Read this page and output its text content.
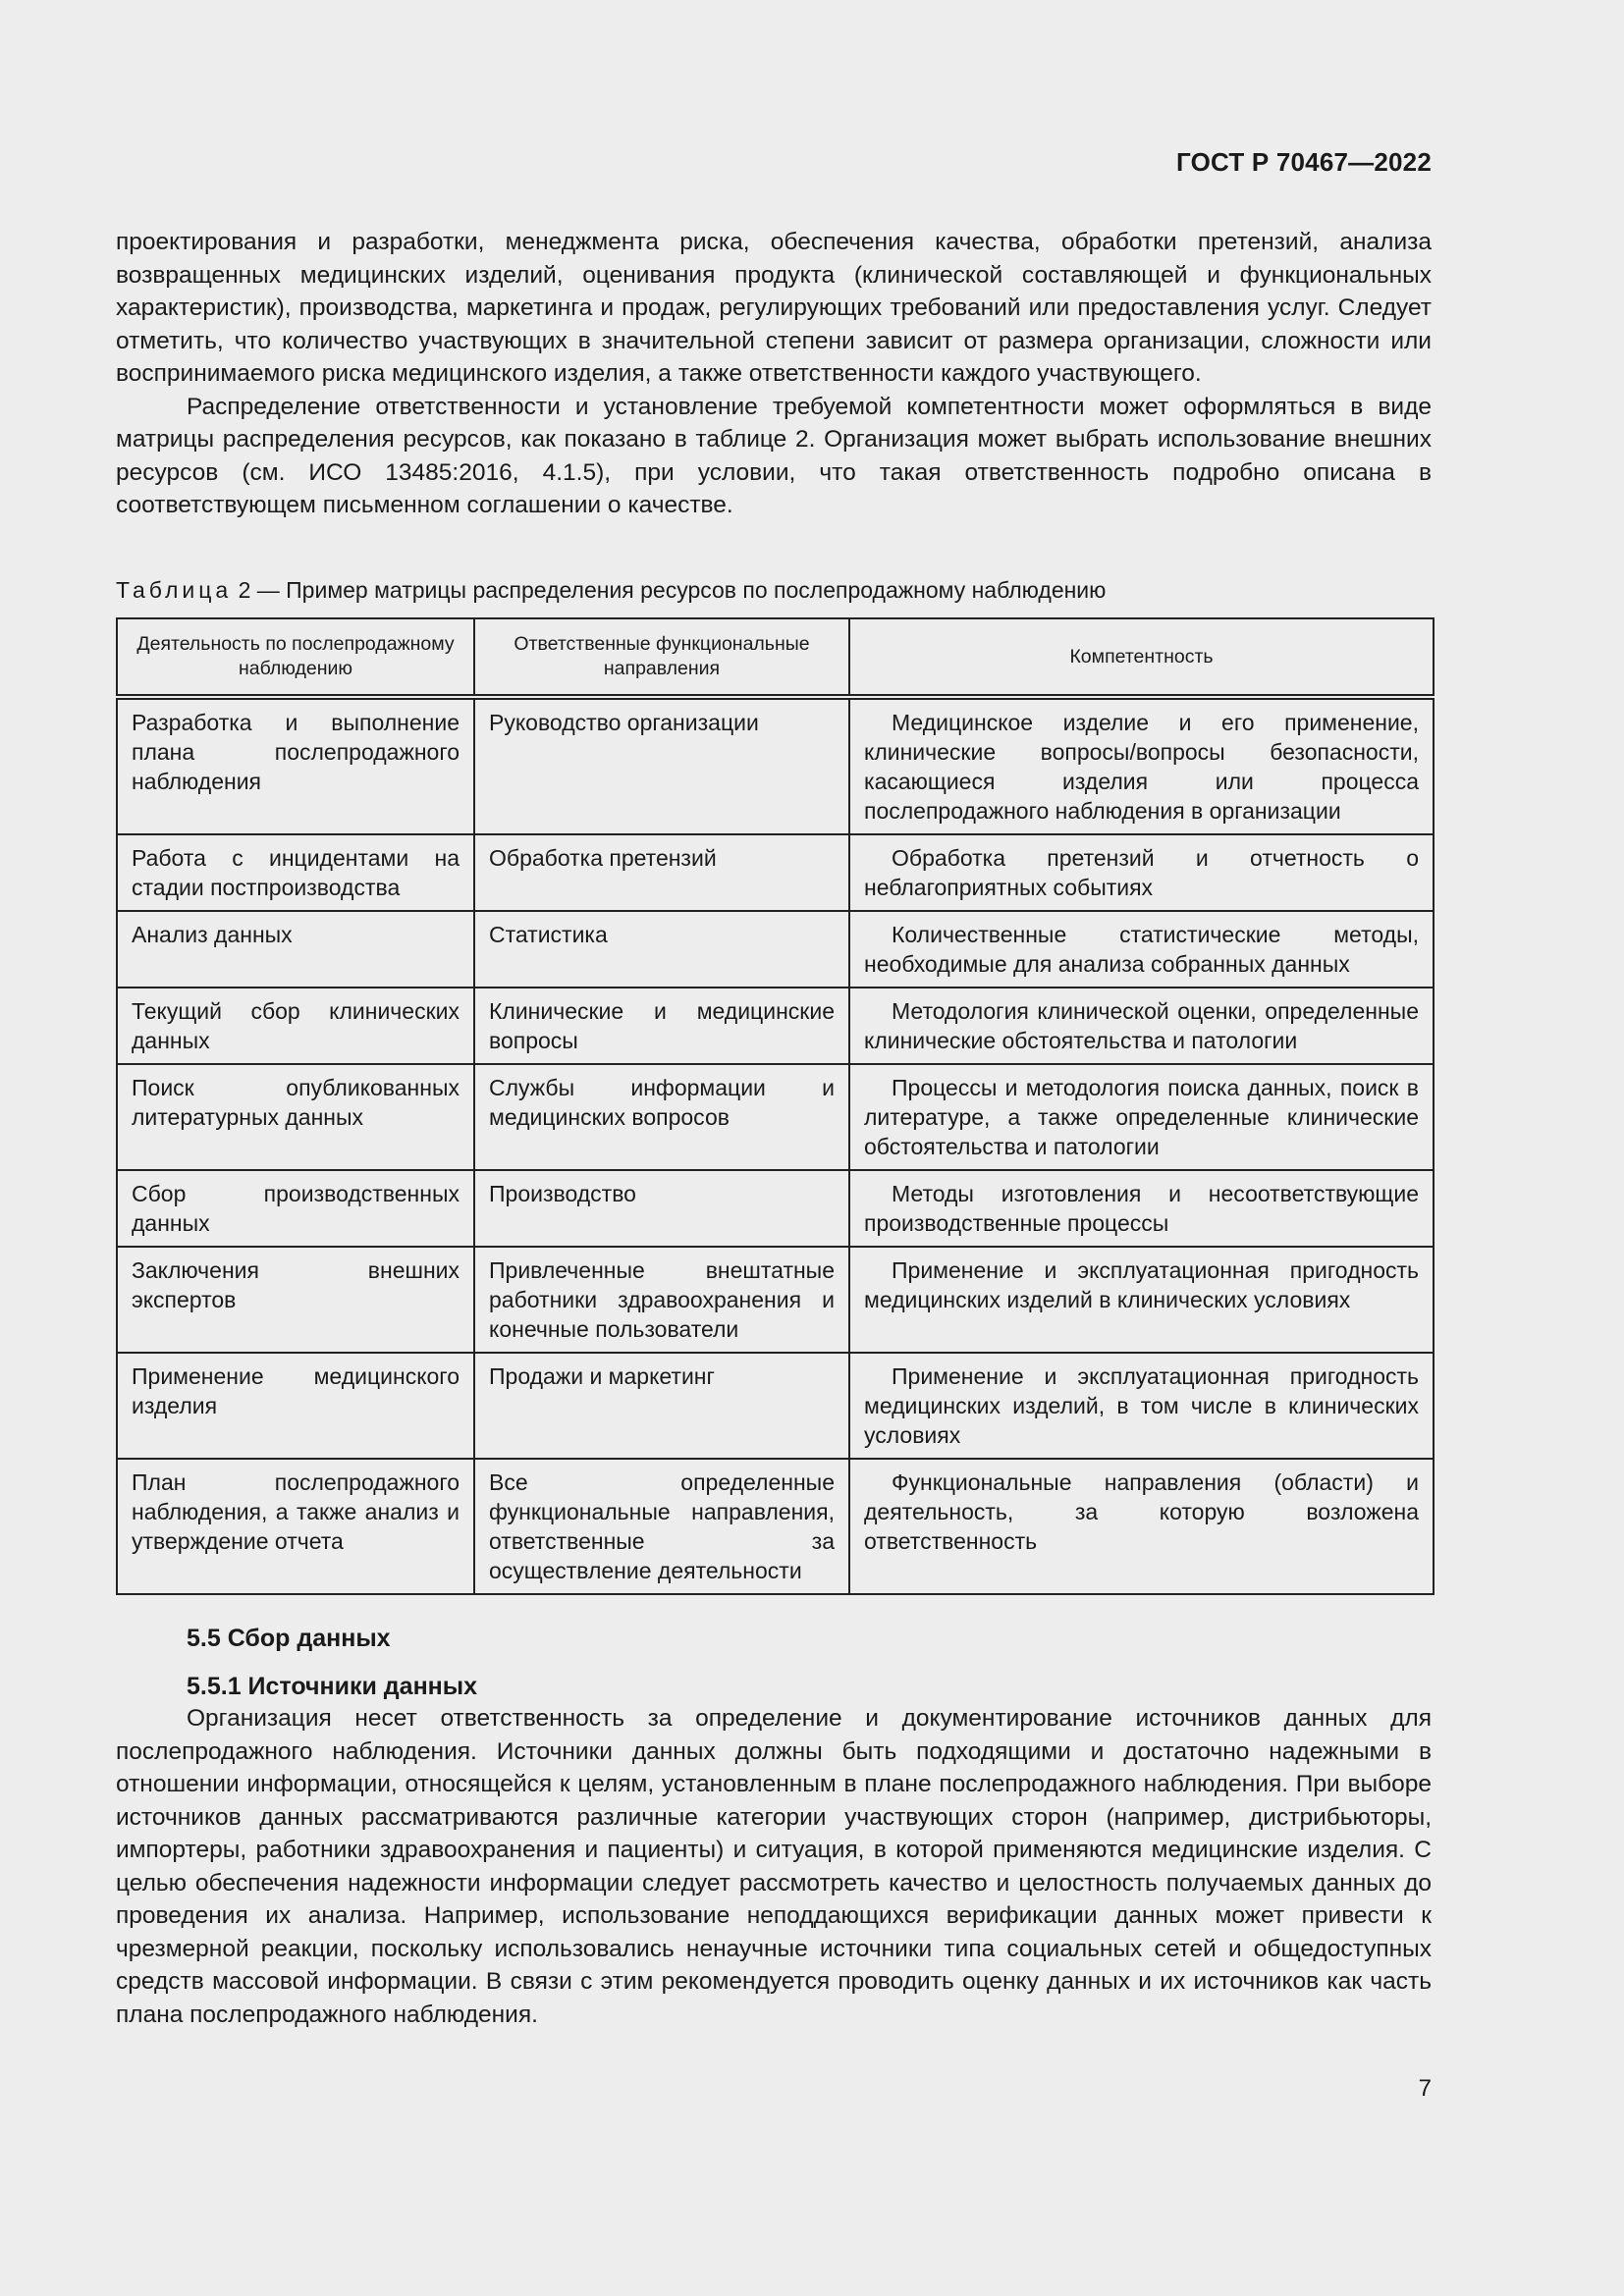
ГОСТ Р 70467—2022

проектирования и разработки, менеджмента риска, обеспечения качества, обработки претензий, анализа возвращенных медицинских изделий, оценивания продукта (клинической составляющей и функциональных характеристик), производства, маркетинга и продаж, регулирующих требований или предоставления услуг. Следует отметить, что количество участвующих в значительной степени зависит от размера организации, сложности или воспринимаемого риска медицинского изделия, а также ответственности каждого участвующего.

Распределение ответственности и установление требуемой компетентности может оформляться в виде матрицы распределения ресурсов, как показано в таблице 2. Организация может выбрать использование внешних ресурсов (см. ИСО 13485:2016, 4.1.5), при условии, что такая ответственность подробно описана в соответствующем письменном соглашении о качестве.

Таблица 2 — Пример матрицы распределения ресурсов по послепродажному наблюдению
Деятельность по послепродажному наблюдению	Ответственные функциональные направления	Компетентность
Разработка и выполнение плана послепродажного наблюдения	Руководство организации	Медицинское изделие и его применение, клинические вопросы/вопросы безопасности, касающиеся изделия или процесса послепродажного наблюдения в организации
Работа с инцидентами на стадии постпроизводства	Обработка претензий	Обработка претензий и отчетность о неблагоприятных событиях
Анализ данных	Статистика	Количественные статистические методы, необходимые для анализа собранных данных
Текущий сбор клинических данных	Клинические и медицинские вопросы	Методология клинической оценки, определенные клинические обстоятельства и патологии
Поиск опубликованных литературных данных	Службы информации и медицинских вопросов	Процессы и методология поиска данных, поиск в литературе, а также определенные клинические обстоятельства и патологии
Сбор производственных данных	Производство	Методы изготовления и несоответствующие производственные процессы
Заключения внешних экспертов	Привлеченные внештатные работники здравоохранения и конечные пользователи	Применение и эксплуатационная пригодность медицинских изделий в клинических условиях
Применение медицинского изделия	Продажи и маркетинг	Применение и эксплуатационная пригодность медицинских изделий, в том числе в клинических условиях
План послепродажного наблюдения, а также анализ и утверждение отчета	Все определенные функциональные направления, ответственные за осуществление деятельности	Функциональные направления (области) и деятельность, за которую возложена ответственность
5.5 Сбор данных
5.5.1 Источники данных

Организация несет ответственность за определение и документирование источников данных для послепродажного наблюдения. Источники данных должны быть подходящими и достаточно надежными в отношении информации, относящейся к целям, установленным в плане послепродажного наблюдения. При выборе источников данных рассматриваются различные категории участвующих сторон (например, дистрибьюторы, импортеры, работники здравоохранения и пациенты) и ситуация, в которой применяются медицинские изделия. С целью обеспечения надежности информации следует рассмотреть качество и целостность получаемых данных до проведения их анализа. Например, использование неподдающихся верификации данных может привести к чрезмерной реакции, поскольку использовались ненаучные источники типа социальных сетей и общедоступных средств массовой информации. В связи с этим рекомендуется проводить оценку данных и их источников как часть плана послепродажного наблюдения.

7
